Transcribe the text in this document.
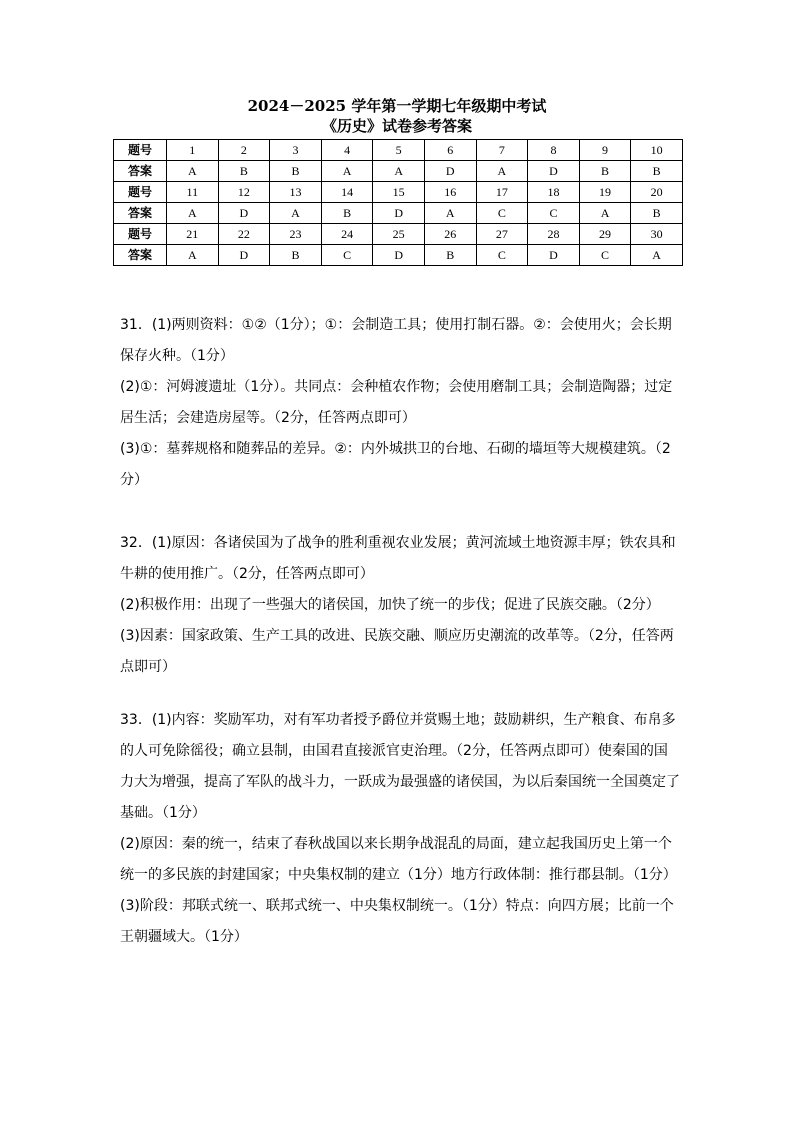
2024－2025 学年第一学期七年级期中考试
《历史》试卷参考答案
题号	1	2	3	4	5	6	7	8	9	10
答案	A	B	B	A	A	D	A	D	B	B
题号	11	12	13	14	15	16	17	18	19	20
答案	A	D	A	B	D	A	C	C	A	B
题号	21	22	23	24	25	26	27	28	29	30
答案	A	D	B	C	D	B	C	D	C	A

31．(1)两则资料：①②（1分）；①：会制造工具；使用打制石器。②：会使用火；会长期保存火种。（1分）

(2)①：河姆渡遗址（1分）。共同点：会种植农作物；会使用磨制工具；会制造陶器；过定居生活；会建造房屋等。（2分，任答两点即可）

(3)①：墓葬规格和随葬品的差异。②：内外城拱卫的台地、石砌的墙垣等大规模建筑。（2分）

32．(1)原因：各诸侯国为了战争的胜利重视农业发展；黄河流域土地资源丰厚；铁农具和牛耕的使用推广。（2分，任答两点即可）

(2)积极作用：出现了一些强大的诸侯国，加快了统一的步伐；促进了民族交融。（2分）

(3)因素：国家政策、生产工具的改进、民族交融、顺应历史潮流的改革等。（2分，任答两点即可）

33．(1)内容：奖励军功，对有军功者授予爵位并赏赐土地；鼓励耕织，生产粮食、布帛多的人可免除徭役；确立县制，由国君直接派官吏治理。（2分，任答两点即可）使秦国的国力大为增强，提高了军队的战斗力，一跃成为最强盛的诸侯国，为以后秦国统一全国奠定了基础。（1分）

(2)原因：秦的统一，结束了春秋战国以来长期争战混乱的局面，建立起我国历史上第一个统一的多民族的封建国家；中央集权制的建立（1分）地方行政体制：推行郡县制。（1分）

(3)阶段：邦联式统一、联邦式统一、中央集权制统一。（1分）特点：向四方展；比前一个王朝疆域大。（1分）
